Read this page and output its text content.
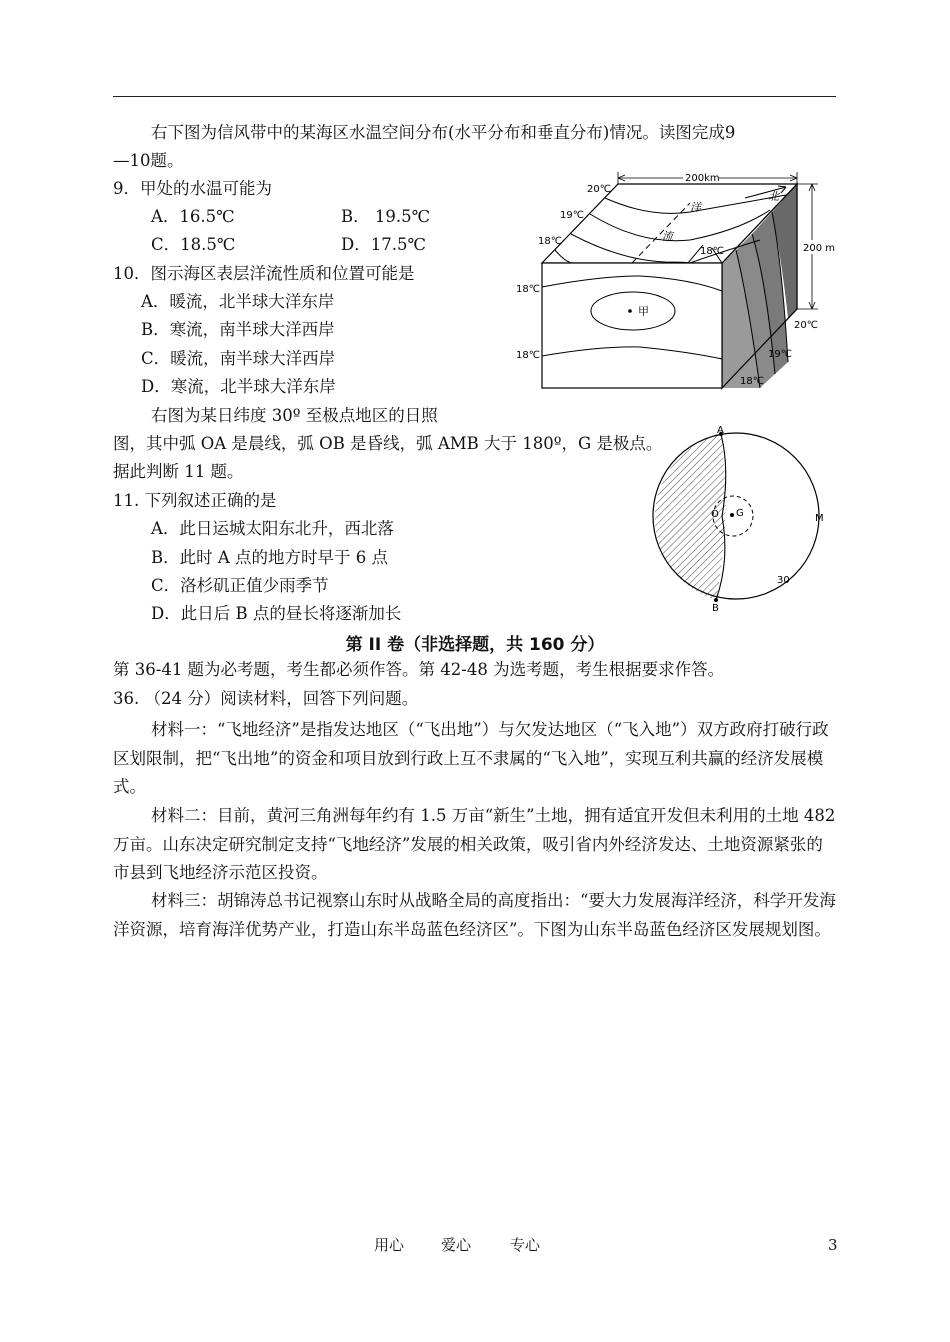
右下图为信风带中的某海区水温空间分布(水平分布和垂直分布)情况。读图完成9
—10题。
9．甲处的水温可能为
A．16.5℃	B． 19.5℃
C．18.5℃	D．17.5℃
10．图示海区表层洋流性质和位置可能是
A．暖流，北半球大洋东岸
B．寒流，南半球大洋西岸
C．暖流，南半球大洋西岸
D．寒流，北半球大洋东岸
右图为某日纬度 30º 至极点地区的日照
图，其中弧 OA 是晨线，弧 OB 是昏线，弧 AMB 大于 180º，G 是极点。
据此判断 11 题。
11. 下列叙述正确的是
A．此日运城太阳东北升，西北落
B．此时 A 点的地方时早于 6 点
C．洛杉矶正值少雨季节
D．此日后 B 点的昼长将逐渐加长
第 II 卷（非选择题，共 160 分）
第 36-41 题为必考题，考生都必须作答。第 42-48 为选考题，考生根据要求作答。
36. （24 分）阅读材料，回答下列问题。
材料一：“飞地经济”是指发达地区（“飞出地”）与欠发达地区（“飞入地”）双方政府打破行政区划限制，把“飞出地”的资金和项目放到行政上互不隶属的“飞入地”，实现互利共赢的经济发展模式。
材料二：目前，黄河三角洲每年约有 1.5 万亩“新生”土地，拥有适宜开发但未利用的土地 482 万亩。山东决定研究制定支持“飞地经济”发展的相关政策，吸引省内外经济发达、土地资源紧张的市县到飞地经济示范区投资。
材料三：胡锦涛总书记视察山东时从战略全局的高度指出：“要大力发展海洋经济，科学开发海洋资源，培育海洋优势产业，打造山东半岛蓝色经济区”。下图为山东半岛蓝色经济区发展规划图。
200km
200 m
20℃
19℃
18℃
18℃
18℃
18℃
20℃
19℃
18℃
洋
流
北
甲
A
B
O G	M
30
用心 爱心	专心	3
